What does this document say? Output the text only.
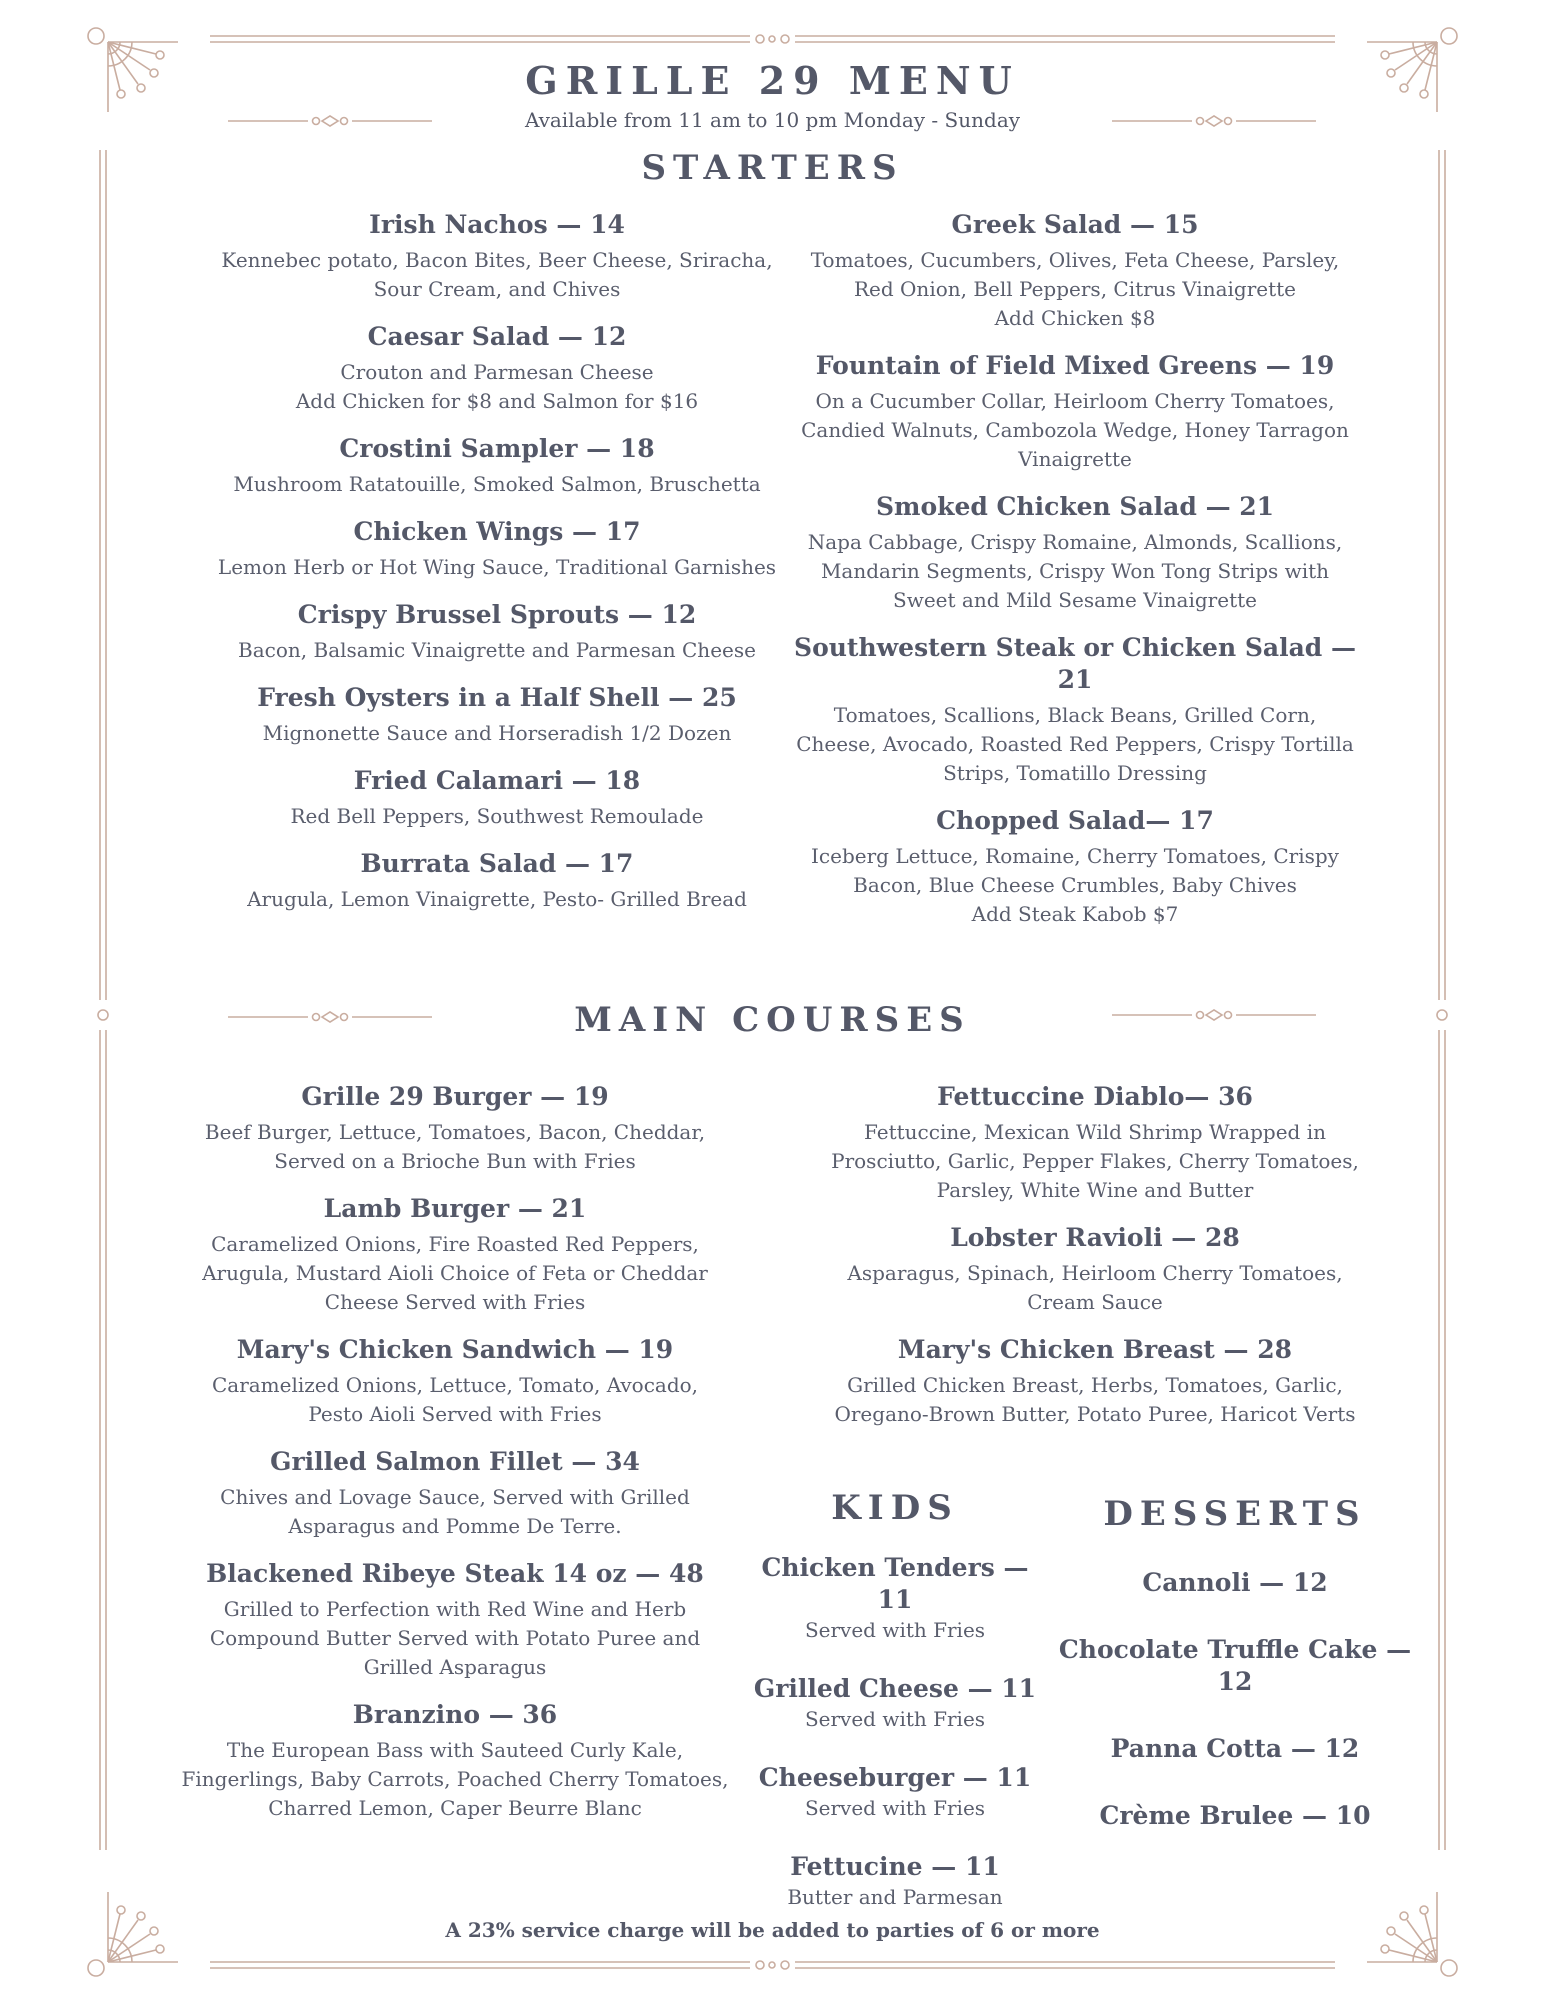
GRILLE 29 MENU
Available from 11 am to 10 pm Monday - Sunday
STARTERS
Irish Nachos — 14
Kennebec potato, Bacon Bites, Beer Cheese, Sriracha,
Sour Cream, and Chives
Caesar Salad — 12
Crouton and Parmesan Cheese
Add Chicken for $8 and Salmon for $16
Crostini Sampler — 18
Mushroom Ratatouille, Smoked Salmon, Bruschetta
Chicken Wings — 17
Lemon Herb or Hot Wing Sauce, Traditional Garnishes
Crispy Brussel Sprouts — 12
Bacon, Balsamic Vinaigrette and Parmesan Cheese
Fresh Oysters in a Half Shell — 25
Mignonette Sauce and Horseradish 1/2 Dozen
Fried Calamari — 18
Red Bell Peppers, Southwest Remoulade
Burrata Salad — 17
Arugula, Lemon Vinaigrette, Pesto- Grilled Bread
Greek Salad — 15
Tomatoes, Cucumbers, Olives, Feta Cheese, Parsley,
Red Onion, Bell Peppers, Citrus Vinaigrette
Add Chicken $8
Fountain of Field Mixed Greens — 19
On a Cucumber Collar, Heirloom Cherry Tomatoes,
Candied Walnuts, Cambozola Wedge, Honey Tarragon
Vinaigrette
Smoked Chicken Salad — 21
Napa Cabbage, Crispy Romaine, Almonds, Scallions,
Mandarin Segments, Crispy Won Tong Strips with
Sweet and Mild Sesame Vinaigrette
Southwestern Steak or Chicken Salad — 21
Tomatoes, Scallions, Black Beans, Grilled Corn,
Cheese, Avocado, Roasted Red Peppers, Crispy Tortilla
Strips, Tomatillo Dressing
Chopped Salad— 17
Iceberg Lettuce, Romaine, Cherry Tomatoes, Crispy
Bacon, Blue Cheese Crumbles, Baby Chives
Add Steak Kabob $7
MAIN COURSES
Grille 29 Burger — 19
Beef Burger, Lettuce, Tomatoes, Bacon, Cheddar,
Served on a Brioche Bun with Fries
Lamb Burger — 21
Caramelized Onions, Fire Roasted Red Peppers,
Arugula, Mustard Aioli Choice of Feta or Cheddar
Cheese Served with Fries
Mary's Chicken Sandwich — 19
Caramelized Onions, Lettuce, Tomato, Avocado,
Pesto Aioli Served with Fries
Grilled Salmon Fillet — 34
Chives and Lovage Sauce, Served with Grilled
Asparagus and Pomme De Terre.
Blackened Ribeye Steak 14 oz — 48
Grilled to Perfection with Red Wine and Herb
Compound Butter Served with Potato Puree and
Grilled Asparagus
Branzino — 36
The European Bass with Sauteed Curly Kale,
Fingerlings, Baby Carrots, Poached Cherry Tomatoes,
Charred Lemon, Caper Beurre Blanc
Fettuccine Diablo— 36
Fettuccine, Mexican Wild Shrimp Wrapped in
Prosciutto, Garlic, Pepper Flakes, Cherry Tomatoes,
Parsley, White Wine and Butter
Lobster Ravioli — 28
Asparagus, Spinach, Heirloom Cherry Tomatoes,
Cream Sauce
Mary's Chicken Breast — 28
Grilled Chicken Breast, Herbs, Tomatoes, Garlic,
Oregano-Brown Butter, Potato Puree, Haricot Verts
KIDS
Chicken Tenders — 11
Served with Fries
Grilled Cheese — 11
Served with Fries
Cheeseburger — 11
Served with Fries
Fettucine — 11
Butter and Parmesan
DESSERTS
Cannoli — 12
Chocolate Truffle Cake — 12
Panna Cotta — 12
Crème Brulee — 10
A 23% service charge will be added to parties of 6 or more
